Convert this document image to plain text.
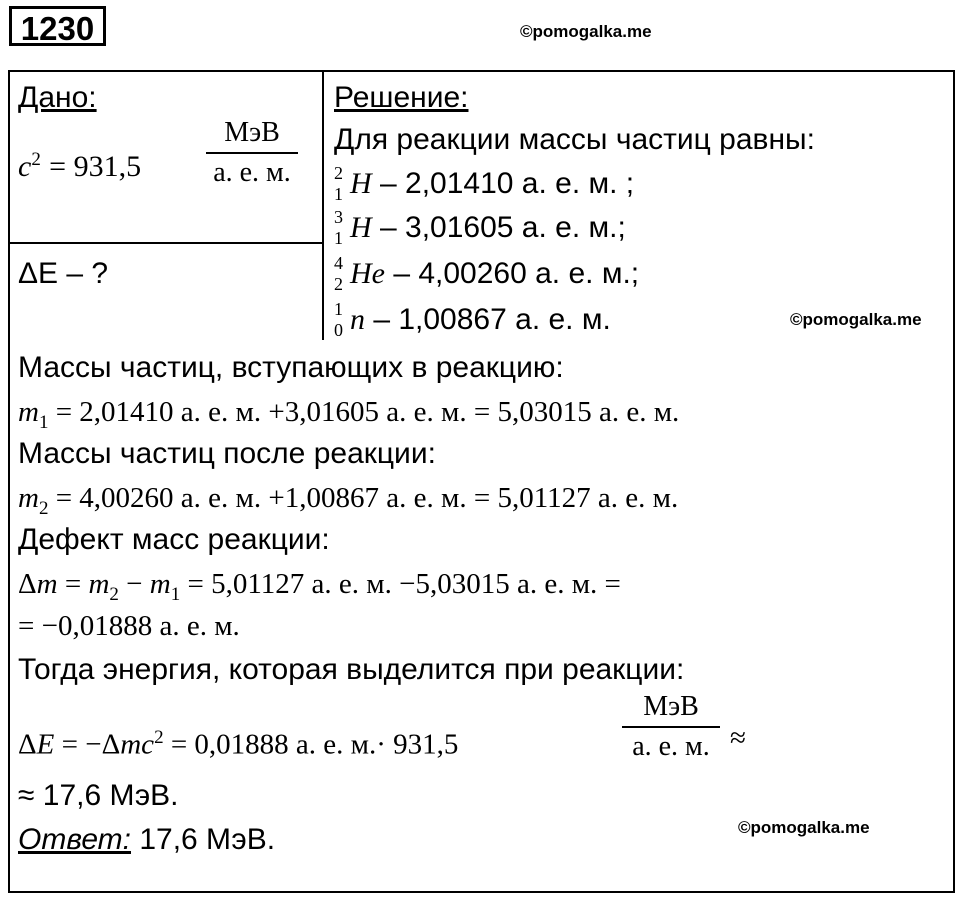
1230	©pomogalka.me
Дано:
$c^2 = 931,5$
МэВ
а. е. м.
ΔE – ?
Решение:
Для реакции массы частиц равны:
2
1 H – 2,01410 а. е. м. ;
3
1 H – 3,01605 а. е. м.;
4
2 He – 4,00260 а. е. м.;
1
0 n – 1,00867 а. е. м.	©pomogalka.me
Массы частиц, вступающих в реакцию:
$m_1 = 2,01410$ а. е. м. +3,01605 а. е. м. = 5,03015 а. е. м.
Массы частиц после реакции:
$m_2 = 4,00260$ а. е. м. +1,00867 а. е. м. = 5,01127 а. е. м.
Дефект масс реакции:
$\Delta m = m_2 - m_1 = 5,01127$ а. е. м. −5,03015 а. е. м. =
= −0,01888 а. е. м.
Тогда энергия, которая выделится при реакции:
ΔE = −Δmc$^2$ = 0,01888 а. е. м.· 931,5
МэВ
а. е. м. ≈
≈ 17,6 МэВ.
Ответ: 17,6 МэВ.	©pomogalka.me
